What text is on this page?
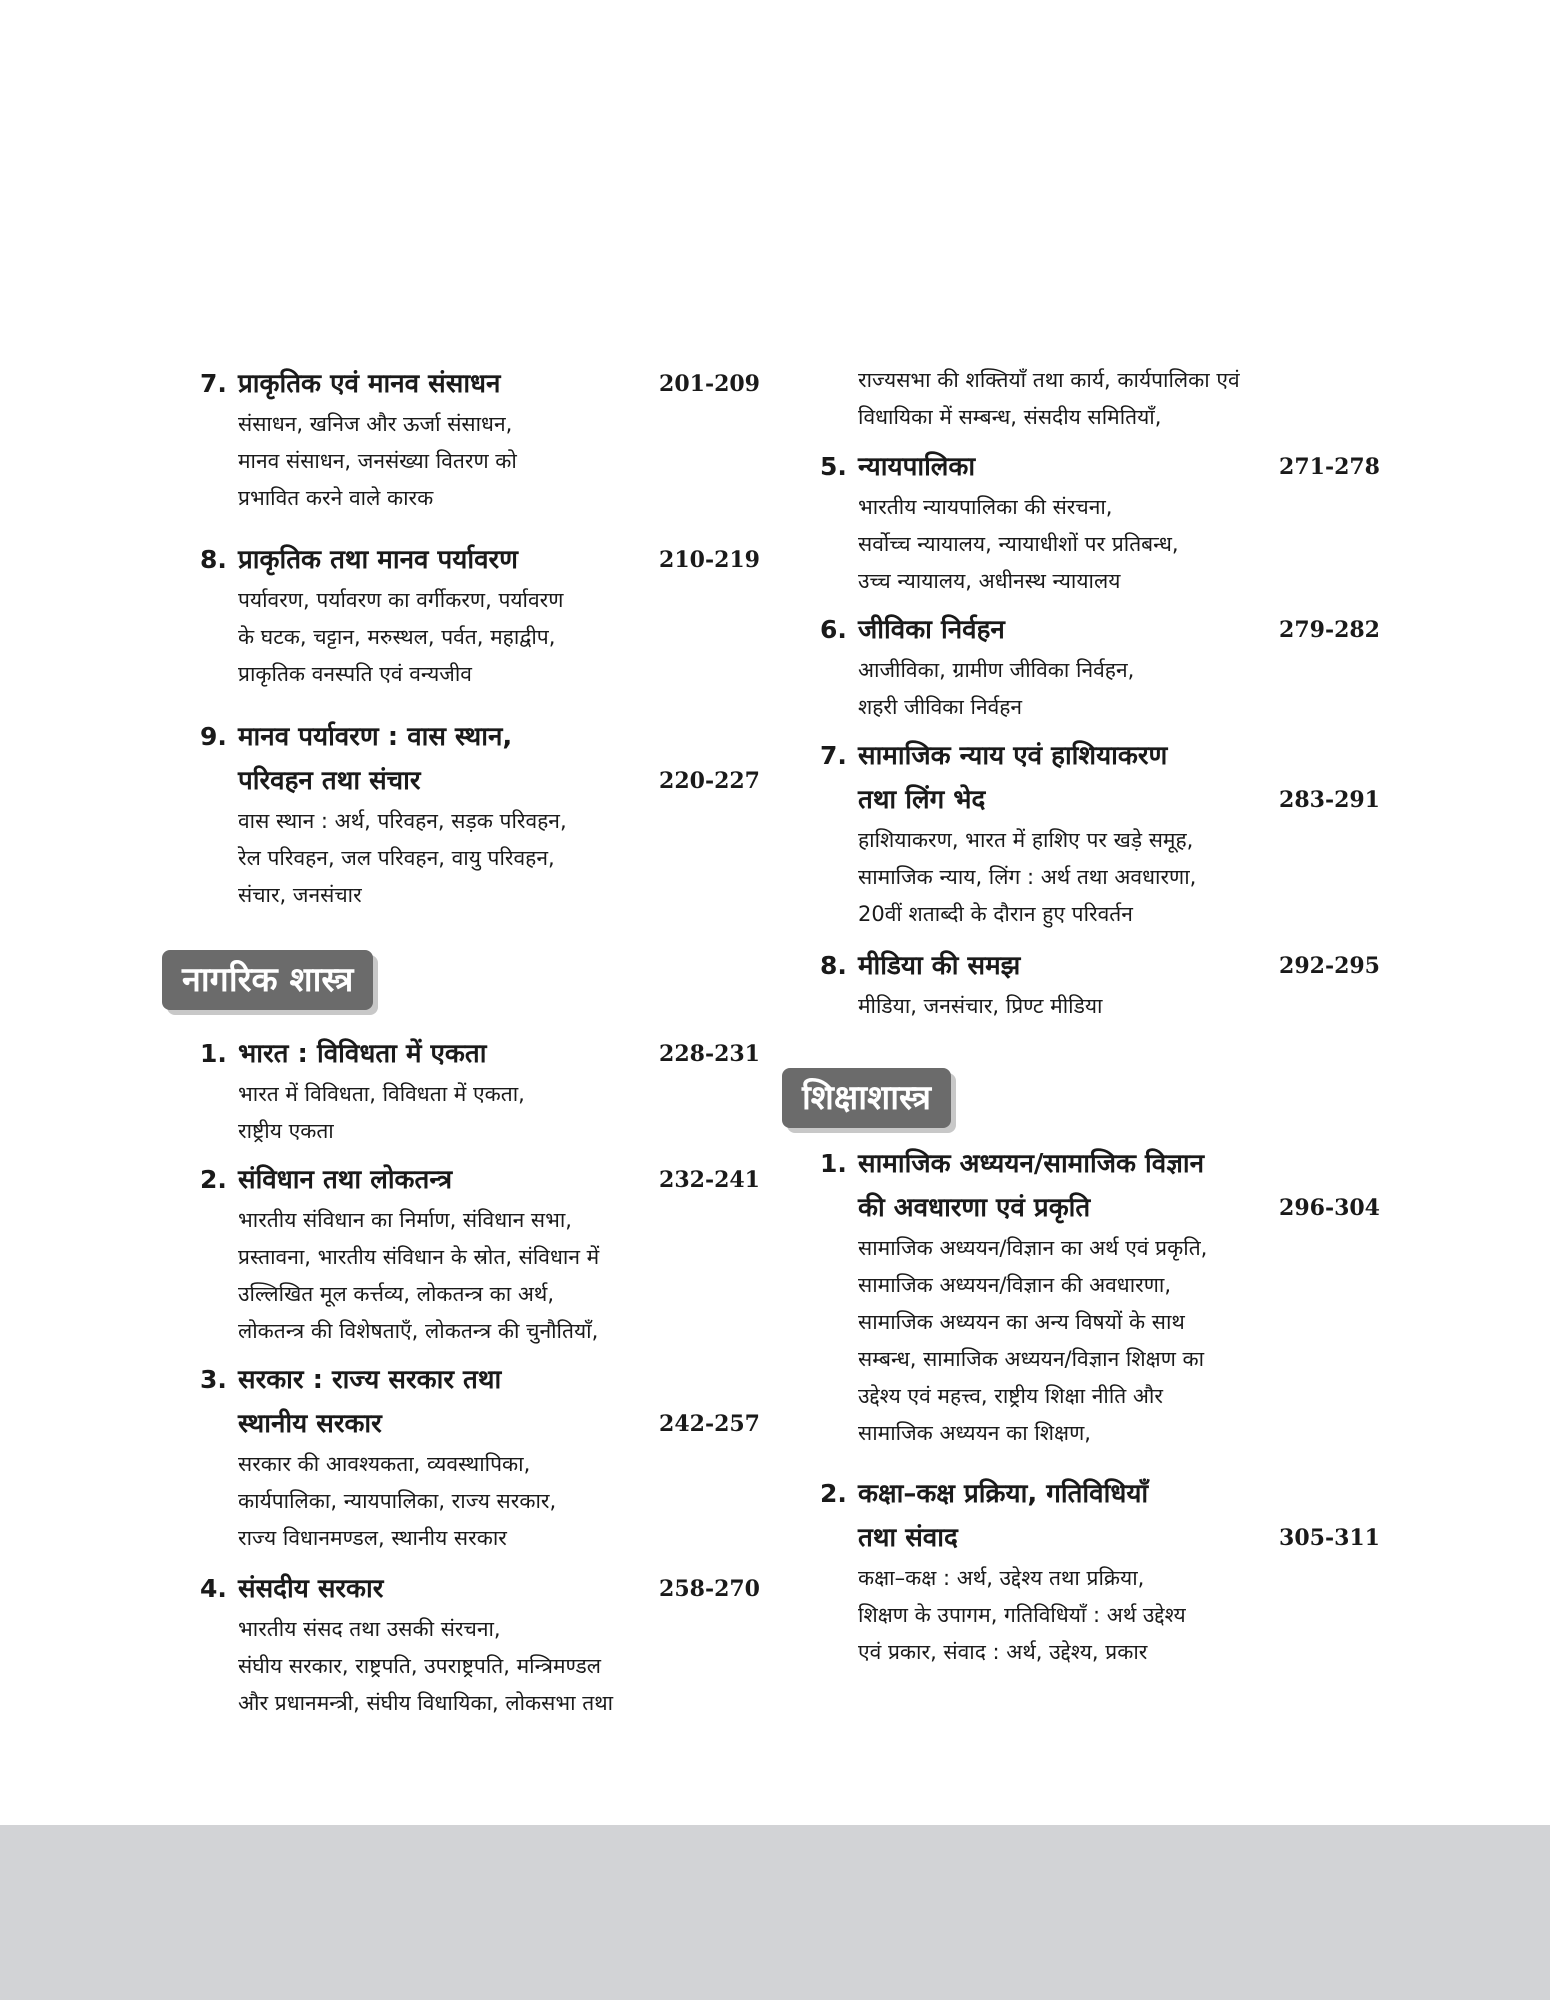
7. प्राकृतिक एवं मानव संसाधन	201-209
संसाधन, खनिज और ऊर्जा संसाधन,
मानव संसाधन, जनसंख्या वितरण को
प्रभावित करने वाले कारक
8. प्राकृतिक तथा मानव पर्यावरण	210-219
पर्यावरण, पर्यावरण का वर्गीकरण, पर्यावरण
के घटक, चट्टान, मरुस्थल, पर्वत, महाद्वीप,
प्राकृतिक वनस्पति एवं वन्यजीव
9. मानव पर्यावरण : वास स्थान,
परिवहन तथा संचार	220-227
वास स्थान : अर्थ, परिवहन, सड़क परिवहन,
रेल परिवहन, जल परिवहन, वायु परिवहन,
संचार, जनसंचार
नागरिक शास्त्र
1. भारत : विविधता में एकता	228-231
भारत में विविधता, विविधता में एकता,
राष्ट्रीय एकता
2. संविधान तथा लोकतन्त्र	232-241
भारतीय संविधान का निर्माण, संविधान सभा,
प्रस्तावना, भारतीय संविधान के स्रोत, संविधान में
उल्लिखित मूल कर्त्तव्य, लोकतन्त्र का अर्थ,
लोकतन्त्र की विशेषताएँ, लोकतन्त्र की चुनौतियाँ,
3. सरकार : राज्य सरकार तथा
स्थानीय सरकार	242-257
सरकार की आवश्यकता, व्यवस्थापिका,
कार्यपालिका, न्यायपालिका, राज्य सरकार,
राज्य विधानमण्डल, स्थानीय सरकार
4. संसदीय सरकार	258-270
भारतीय संसद तथा उसकी संरचना,
संघीय सरकार, राष्ट्रपति, उपराष्ट्रपति, मन्त्रिमण्डल
और प्रधानमन्त्री, संघीय विधायिका, लोकसभा तथा
राज्यसभा की शक्तियाँ तथा कार्य, कार्यपालिका एवं
विधायिका में सम्बन्ध, संसदीय समितियाँ,
5. न्यायपालिका	271-278
भारतीय न्यायपालिका की संरचना,
सर्वोच्च न्यायालय, न्यायाधीशों पर प्रतिबन्ध,
उच्च न्यायालय, अधीनस्थ न्यायालय
6. जीविका निर्वहन	279-282
आजीविका, ग्रामीण जीविका निर्वहन,
शहरी जीविका निर्वहन
7. सामाजिक न्याय एवं हाशियाकरण
तथा लिंग भेद	283-291
हाशियाकरण, भारत में हाशिए पर खड़े समूह,
सामाजिक न्याय, लिंग : अर्थ तथा अवधारणा,
20वीं शताब्दी के दौरान हुए परिवर्तन
8. मीडिया की समझ	292-295
मीडिया, जनसंचार, प्रिण्ट मीडिया
शिक्षाशास्त्र
1. सामाजिक अध्ययन/सामाजिक विज्ञान
की अवधारणा एवं प्रकृति	296-304
सामाजिक अध्ययन/विज्ञान का अर्थ एवं प्रकृति,
सामाजिक अध्ययन/विज्ञान की अवधारणा,
सामाजिक अध्ययन का अन्य विषयों के साथ
सम्बन्ध, सामाजिक अध्ययन/विज्ञान शिक्षण का
उद्देश्य एवं महत्त्व, राष्ट्रीय शिक्षा नीति और
सामाजिक अध्ययन का शिक्षण,
2. कक्षा–कक्ष प्रक्रिया, गतिविधियाँ
तथा संवाद	305-311
कक्षा–कक्ष : अर्थ, उद्देश्य तथा प्रक्रिया,
शिक्षण के उपागम, गतिविधियाँ : अर्थ उद्देश्य
एवं प्रकार, संवाद : अर्थ, उद्देश्य, प्रकार
